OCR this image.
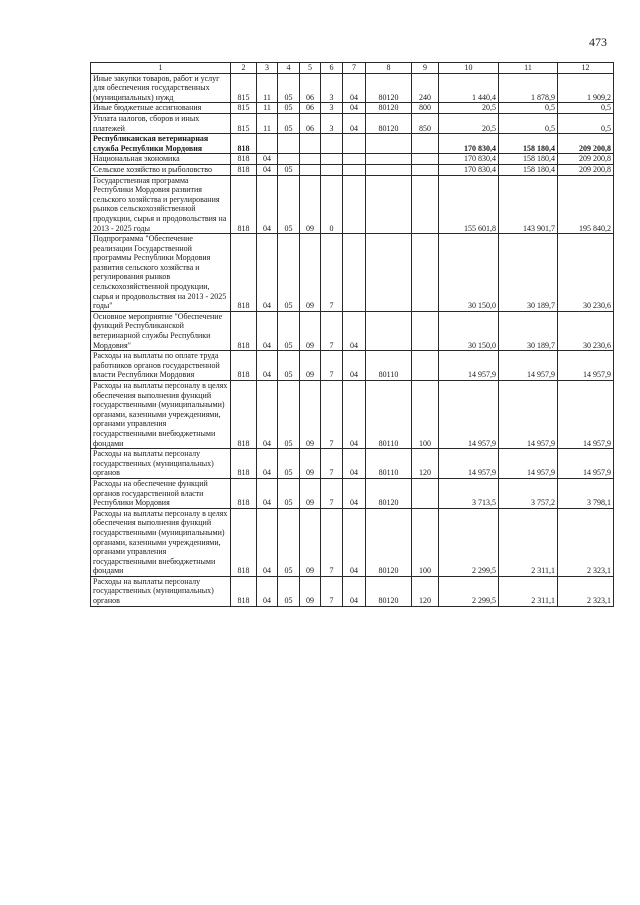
473
1	2	3	4	5	6	7	8	9	10	11	12
Иные закупки товаров, работ и услуг для обеспечения государственных (муниципальных) нужд	815	11	05	06	3	04	80120	240	1 440,4	1 878,9	1 909,2
Иные бюджетные ассигнования	815	11	05	06	3	04	80120	800	20,5	0,5	0,5
Уплата налогов, сборов и иных платежей	815	11	05	06	3	04	80120	850	20,5	0,5	0,5
Республиканская ветеринарная служба Республики Мордовия	818								170 830,4	158 180,4	209 200,8
Национальная экономика	818	04							170 830,4	158 180,4	209 200,8
Сельское хозяйство и рыболовство	818	04	05						170 830,4	158 180,4	209 200,8
Государственная программа Республики Мордовия развития сельского хозяйства и регулирования рынков сельскохозяйственной продукции, сырья и продовольствия на 2013 - 2025 годы	818	04	05	09	0				155 601,8	143 901,7	195 840,2
Подпрограмма "Обеспечение реализации Государственной программы Республики Мордовия развития сельского хозяйства и регулирования рынков сельскохозяйственной продукции, сырья и продовольствия на 2013 - 2025 годы"	818	04	05	09	7				30 150,0	30 189,7	30 230,6
Основное мероприятие "Обеспечение функций Республиканской ветеринарной службы Республики Мордовия"	818	04	05	09	7	04			30 150,0	30 189,7	30 230,6
Расходы на выплаты по оплате труда работников органов государственной власти Республики Мордовия	818	04	05	09	7	04	80110		14 957,9	14 957,9	14 957,9
Расходы на выплаты персоналу в целях обеспечения выполнения функций государственными (муниципальными) органами, казенными учреждениями, органами управления государственными внебюджетными фондами	818	04	05	09	7	04	80110	100	14 957,9	14 957,9	14 957,9
Расходы на выплаты персоналу государственных (муниципальных) органов	818	04	05	09	7	04	80110	120	14 957,9	14 957,9	14 957,9
Расходы на обеспечение функций органов государственной власти Республики Мордовия	818	04	05	09	7	04	80120		3 713,5	3 757,2	3 798,1
Расходы на выплаты персоналу в целях обеспечения выполнения функций государственными (муниципальными) органами, казенными учреждениями, органами управления государственными внебюджетными фондами	818	04	05	09	7	04	80120	100	2 299,5	2 311,1	2 323,1
Расходы на выплаты персоналу государственных (муниципальных) органов	818	04	05	09	7	04	80120	120	2 299,5	2 311,1	2 323,1
